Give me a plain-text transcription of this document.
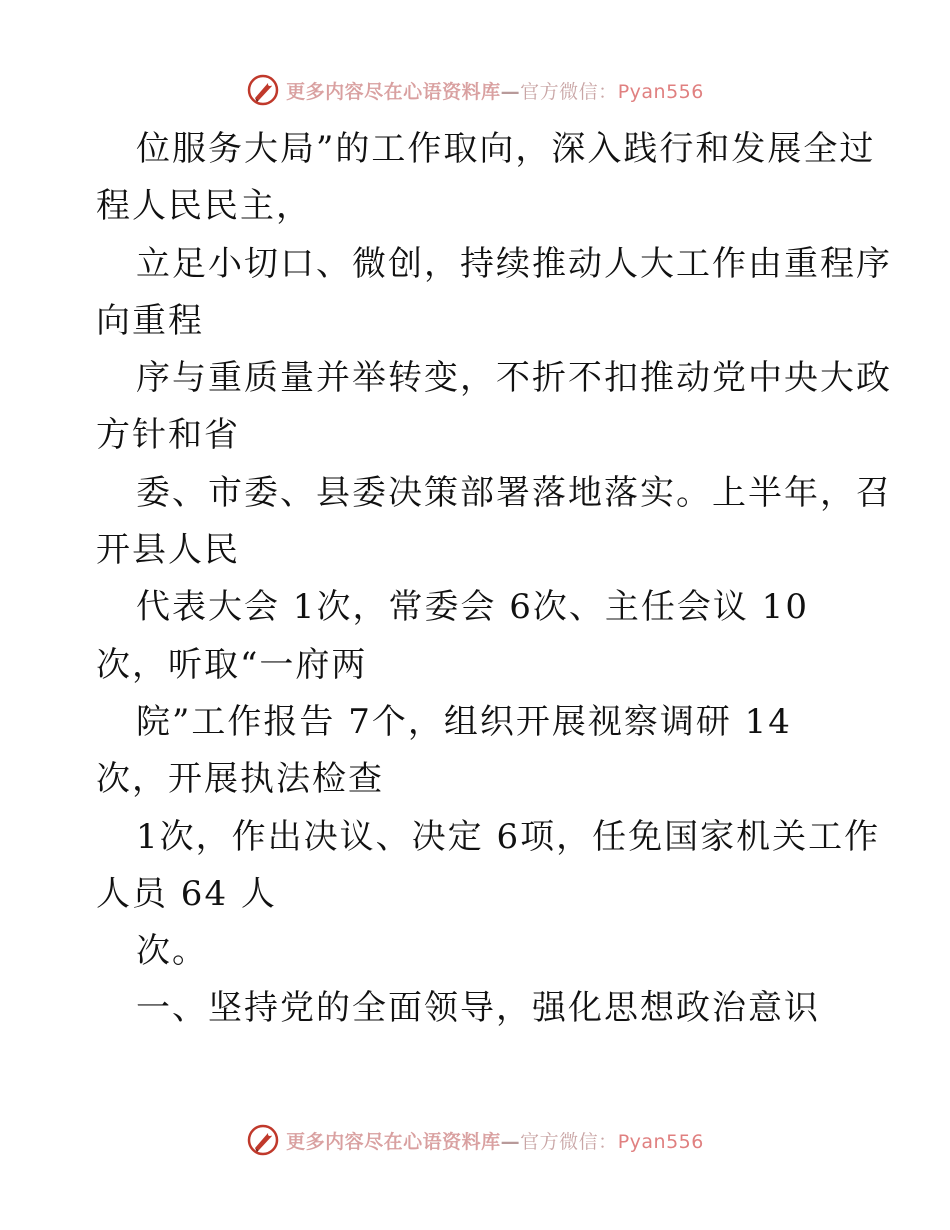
更多内容尽在心语资料库—官方微信：Pyan556
位服务大局”的工作取向，深入践行和发展全过
程人民民主，
立足小切口、微创，持续推动人大工作由重程序
向重程
序与重质量并举转变，不折不扣推动党中央大政
方针和省
委、市委、县委决策部署落地落实。上半年，召
开县人民
代表大会 1次，常委会 6次、主任会议 10
次，听取“一府两
院”工作报告 7个，组织开展视察调研 14
次，开展执法检查
1次，作出决议、决定 6项，任免国家机关工作
人员 64 人
次。
一、坚持党的全面领导，强化思想政治意识
更多内容尽在心语资料库—官方微信：Pyan556
